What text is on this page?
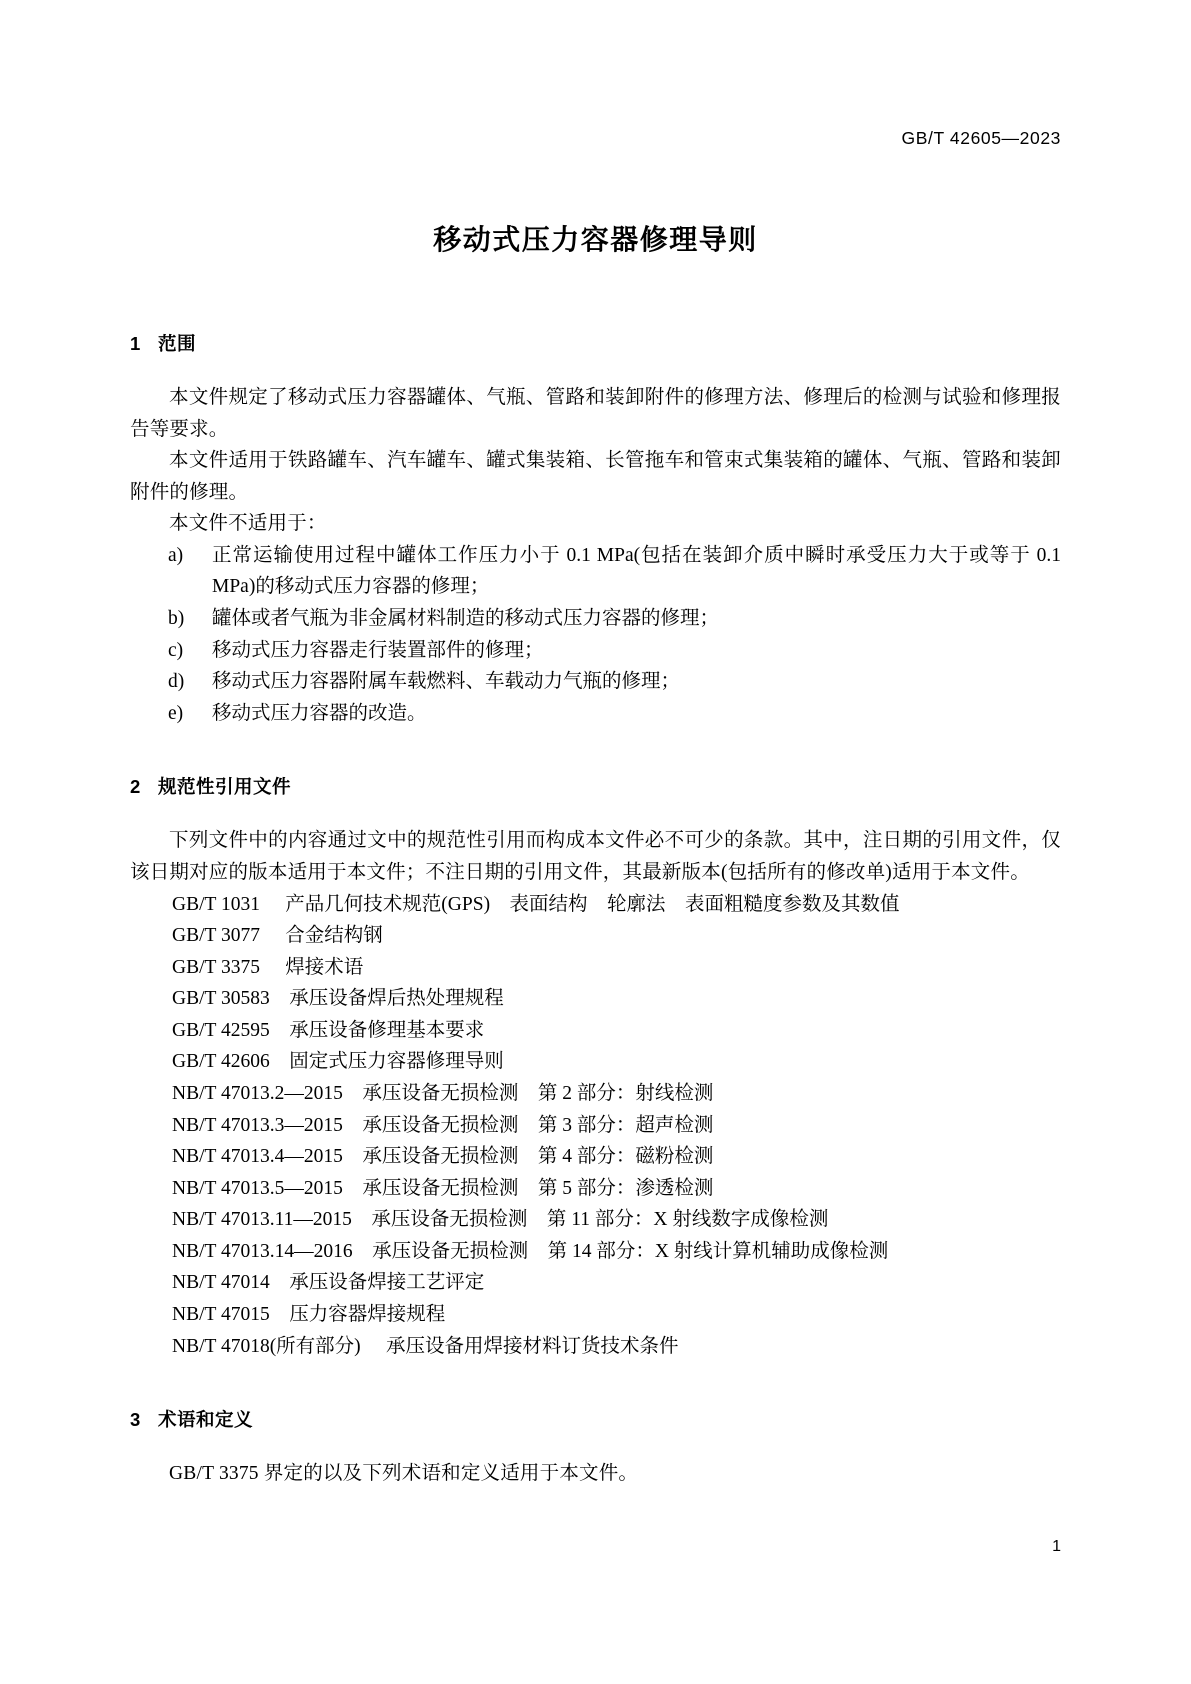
GB/T 42605—2023
移动式压力容器修理导则
1 范围

本文件规定了移动式压力容器罐体、气瓶、管路和装卸附件的修理方法、修理后的检测与试验和修理报告等要求。

本文件适用于铁路罐车、汽车罐车、罐式集装箱、长管拖车和管束式集装箱的罐体、气瓶、管路和装卸附件的修理。

本文件不适用于：

a)	正常运输使用过程中罐体工作压力小于 0.1 MPa(包括在装卸介质中瞬时承受压力大于或等于 0.1 MPa)的移动式压力容器的修理；
b)	罐体或者气瓶为非金属材料制造的移动式压力容器的修理；
c)	移动式压力容器走行装置部件的修理；
d)	移动式压力容器附属车载燃料、车载动力气瓶的修理；
e)	移动式压力容器的改造。
2 规范性引用文件

下列文件中的内容通过文中的规范性引用而构成本文件必不可少的条款。其中，注日期的引用文件，仅该日期对应的版本适用于本文件；不注日期的引用文件，其最新版本(包括所有的修改单)适用于本文件。

GB/T 1031 产品几何技术规范(GPS)　表面结构　轮廓法　表面粗糙度参数及其数值
GB/T 3077 合金结构钢
GB/T 3375 焊接术语
GB/T 30583 承压设备焊后热处理规程
GB/T 42595 承压设备修理基本要求
GB/T 42606 固定式压力容器修理导则
NB/T 47013.2—2015 承压设备无损检测　第 2 部分：射线检测
NB/T 47013.3—2015 承压设备无损检测　第 3 部分：超声检测
NB/T 47013.4—2015 承压设备无损检测　第 4 部分：磁粉检测
NB/T 47013.5—2015 承压设备无损检测　第 5 部分：渗透检测
NB/T 47013.11—2015 承压设备无损检测　第 11 部分：X 射线数字成像检测
NB/T 47013.14—2016 承压设备无损检测　第 14 部分：X 射线计算机辅助成像检测
NB/T 47014 承压设备焊接工艺评定
NB/T 47015 压力容器焊接规程
NB/T 47018(所有部分) 承压设备用焊接材料订货技术条件
3 术语和定义

GB/T 3375 界定的以及下列术语和定义适用于本文件。

1
